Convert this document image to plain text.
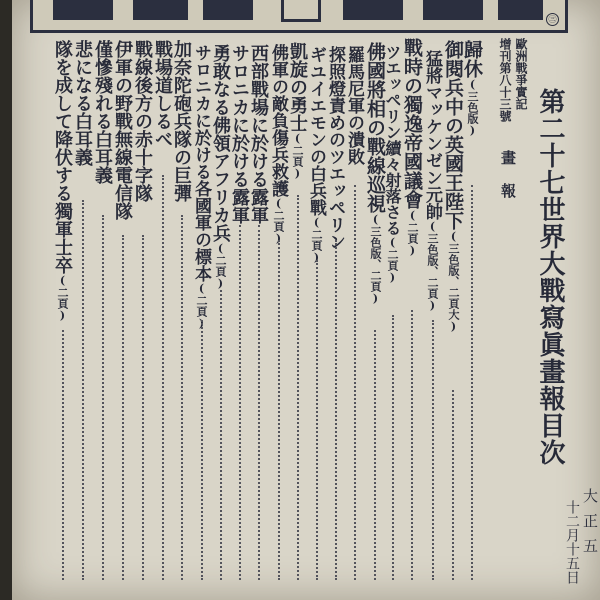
㊂
第二十七世界大戰寫眞畫報目次
大正五
十二月十五日
歐洲戰爭實記
增刊第八十三號
畫報
歸休(三色版)
御閱兵中の英國王陛下(三色版、二頁大)
猛將マッケンゼン元帥(三色版、二頁)
戰時の獨逸帝國議會(二頁)
ツエッペリン續々射落さる(二頁)
佛國將相の戰線巡視(三色版、二頁)
羅馬尼軍の潰敗
探照燈責めのツエッペリン
ギユイエモンの白兵戰(二頁)
凱旋の勇士(二頁)
佛軍の敵負傷兵救護(二頁)
西部戰場に於ける露軍
サロニカに於ける露軍
勇敢なる佛領アフリカ兵(二頁)
サロニカに於ける各國軍の標本(二頁)
加奈陀砲兵隊の巨彈
戰場道しるべ
戰線後方の赤十字隊
伊軍の野戰無線電信隊
僅慘殘れる白耳義
悲になる白耳義
隊を成して降伏する獨軍士卒(二頁)
